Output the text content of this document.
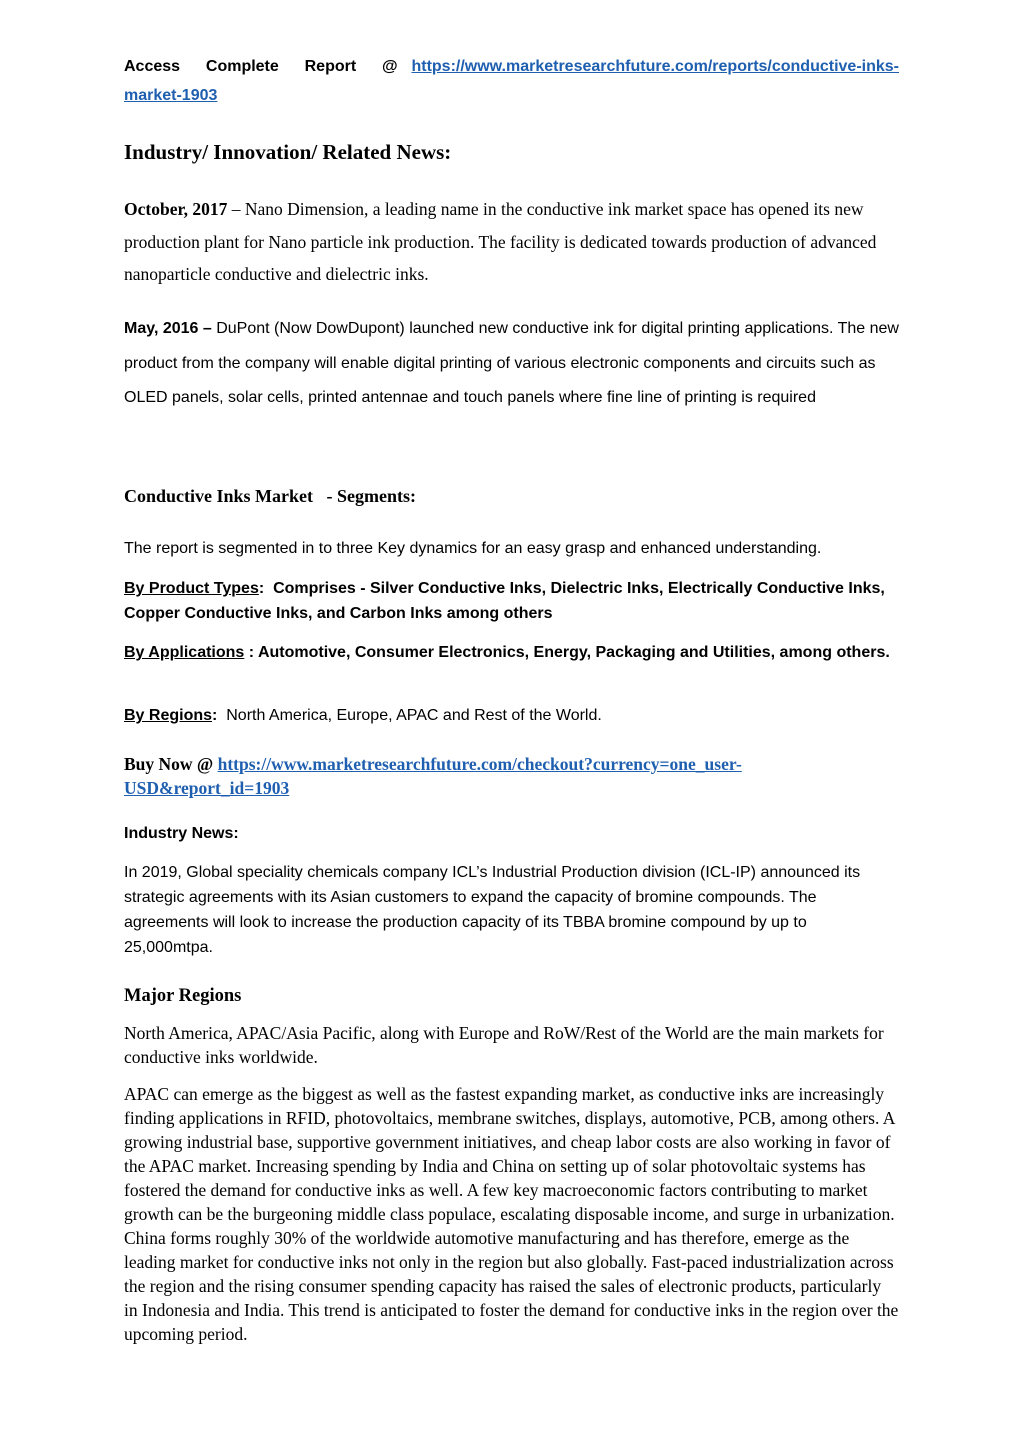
Access Complete Report @ https://www.marketresearchfuture.com/reports/conductive-inks-
market-1903
Industry/ Innovation/ Related News:

October, 2017 – Nano Dimension, a leading name in the conductive ink market space has opened its new production plant for Nano particle ink production. The facility is dedicated towards production of advanced nanoparticle conductive and dielectric inks.

May, 2016 – DuPont (Now DowDupont) launched new conductive ink for digital printing applications. The new product from the company will enable digital printing of various electronic components and circuits such as OLED panels, solar cells, printed antennae and touch panels where fine line of printing is required

Conductive Inks Market   - Segments:

The report is segmented in to three Key dynamics for an easy grasp and enhanced understanding.

By Product Types:  Comprises - Silver Conductive Inks, Dielectric Inks, Electrically Conductive Inks, Copper Conductive Inks, and Carbon Inks among others

By Applications : Automotive, Consumer Electronics, Energy, Packaging and Utilities, among others.

By Regions:  North America, Europe, APAC and Rest of the World.

Buy Now @ https://www.marketresearchfuture.com/checkout?currency=one_user-
USD&report_id=1903

Industry News:

In 2019, Global speciality chemicals company ICL’s Industrial Production division (ICL-IP) announced its strategic agreements with its Asian customers to expand the capacity of bromine compounds. The agreements will look to increase the production capacity of its TBBA bromine compound by up to 25,000mtpa.

Major Regions

North America, APAC/Asia Pacific, along with Europe and RoW/Rest of the World are the main markets for conductive inks worldwide.

APAC can emerge as the biggest as well as the fastest expanding market, as conductive inks are increasingly finding applications in RFID, photovoltaics, membrane switches, displays, automotive, PCB, among others. A growing industrial base, supportive government initiatives, and cheap labor costs are also working in favor of the APAC market. Increasing spending by India and China on setting up of solar photovoltaic systems has fostered the demand for conductive inks as well. A few key macroeconomic factors contributing to market growth can be the burgeoning middle class populace, escalating disposable income, and surge in urbanization. China forms roughly 30% of the worldwide automotive manufacturing and has therefore, emerge as the leading market for conductive inks not only in the region but also globally. Fast-paced industrialization across the region and the rising consumer spending capacity has raised the sales of electronic products, particularly in Indonesia and India. This trend is anticipated to foster the demand for conductive inks in the region over the upcoming period.
